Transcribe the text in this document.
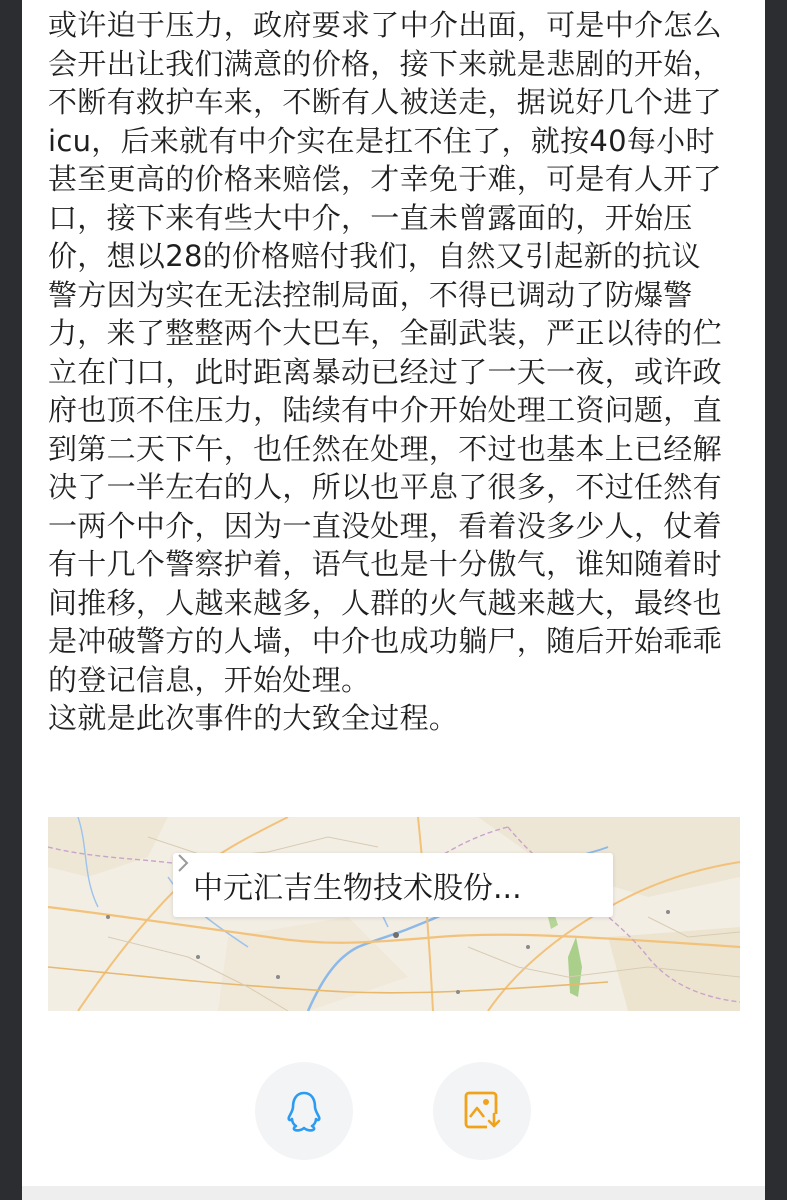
或许迫于压力，政府要求了中介出面，可是中介怎么

会开出让我们满意的价格，接下来就是悲剧的开始，

不断有救护车来，不断有人被送走，据说好几个进了

icu，后来就有中介实在是扛不住了，就按40每小时

甚至更高的价格来赔偿，才幸免于难，可是有人开了

口，接下来有些大中介，一直未曾露面的，开始压

价，想以28的价格赔付我们，自然又引起新的抗议

警方因为实在无法控制局面，不得已调动了防爆警

力，来了整整两个大巴车，全副武装，严正以待的伫

立在门口，此时距离暴动已经过了一天一夜，或许政

府也顶不住压力，陆续有中介开始处理工资问题，直

到第二天下午，也任然在处理，不过也基本上已经解

决了一半左右的人，所以也平息了很多，不过任然有

一两个中介，因为一直没处理，看着没多少人，仗着

有十几个警察护着，语气也是十分傲气，谁知随着时

间推移，人越来越多，人群的火气越来越大，最终也

是冲破警方的人墙，中介也成功躺尸，随后开始乖乖

的登记信息，开始处理。

这就是此次事件的大致全过程。

中元汇吉生物技术股份...
